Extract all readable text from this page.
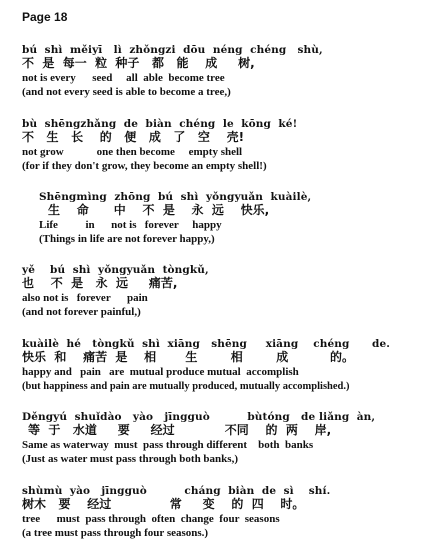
Page 18
bú  shì  měiyī   lì  zhǒngzi  dōu  néng  chéng   shù,
不  是  每一  粒  种子   都   能    成     树,
not is every      seed     all  able  become tree
(and not every seed is able to become a tree,)
bù  shēngzhǎng  de  biàn  chéng  le  kōng  ké!
不   生   长    的   便   成   了   空    壳!
not grow            one then become     empty shell
(for if they don't grow, they become an empty shell!)
Shēngmìng  zhōng  bú  shì  yǒngyuǎn  kuàilè,
生    命      中    不  是    永  远    快乐,
Life          in      not is   forever     happy
(Things in life are not forever happy,)
yě    bú  shì  yǒngyuǎn  tòngkǔ,
也    不  是   永  远     痛苦,
also not is   forever      pain
(and not forever painful,)
kuàilè  hé   tòngkǔ  shì  xiāng   shēng     xiāng    chéng      de.
快乐  和    痛苦  是    相       生        相        成          的。
happy and   pain   are  mutual produce mutual  accomplish
(but happiness and pain are mutually produced, mutually accomplished.)
Děngyú  shuǐdào   yào   jīngguò          bùtóng   de liǎng  àn,
等  于   水道     要     经过            不同    的  两    岸,
Same as waterway  must  pass through different    both  banks
(Just as water must pass through both banks,)
shùmù  yào   jīngguò          cháng  biàn  de  sì    shí.
树木   要    经过              常     变    的  四    时。
tree      must  pass through  often  change  four  seasons
(a tree must pass through four seasons.)
